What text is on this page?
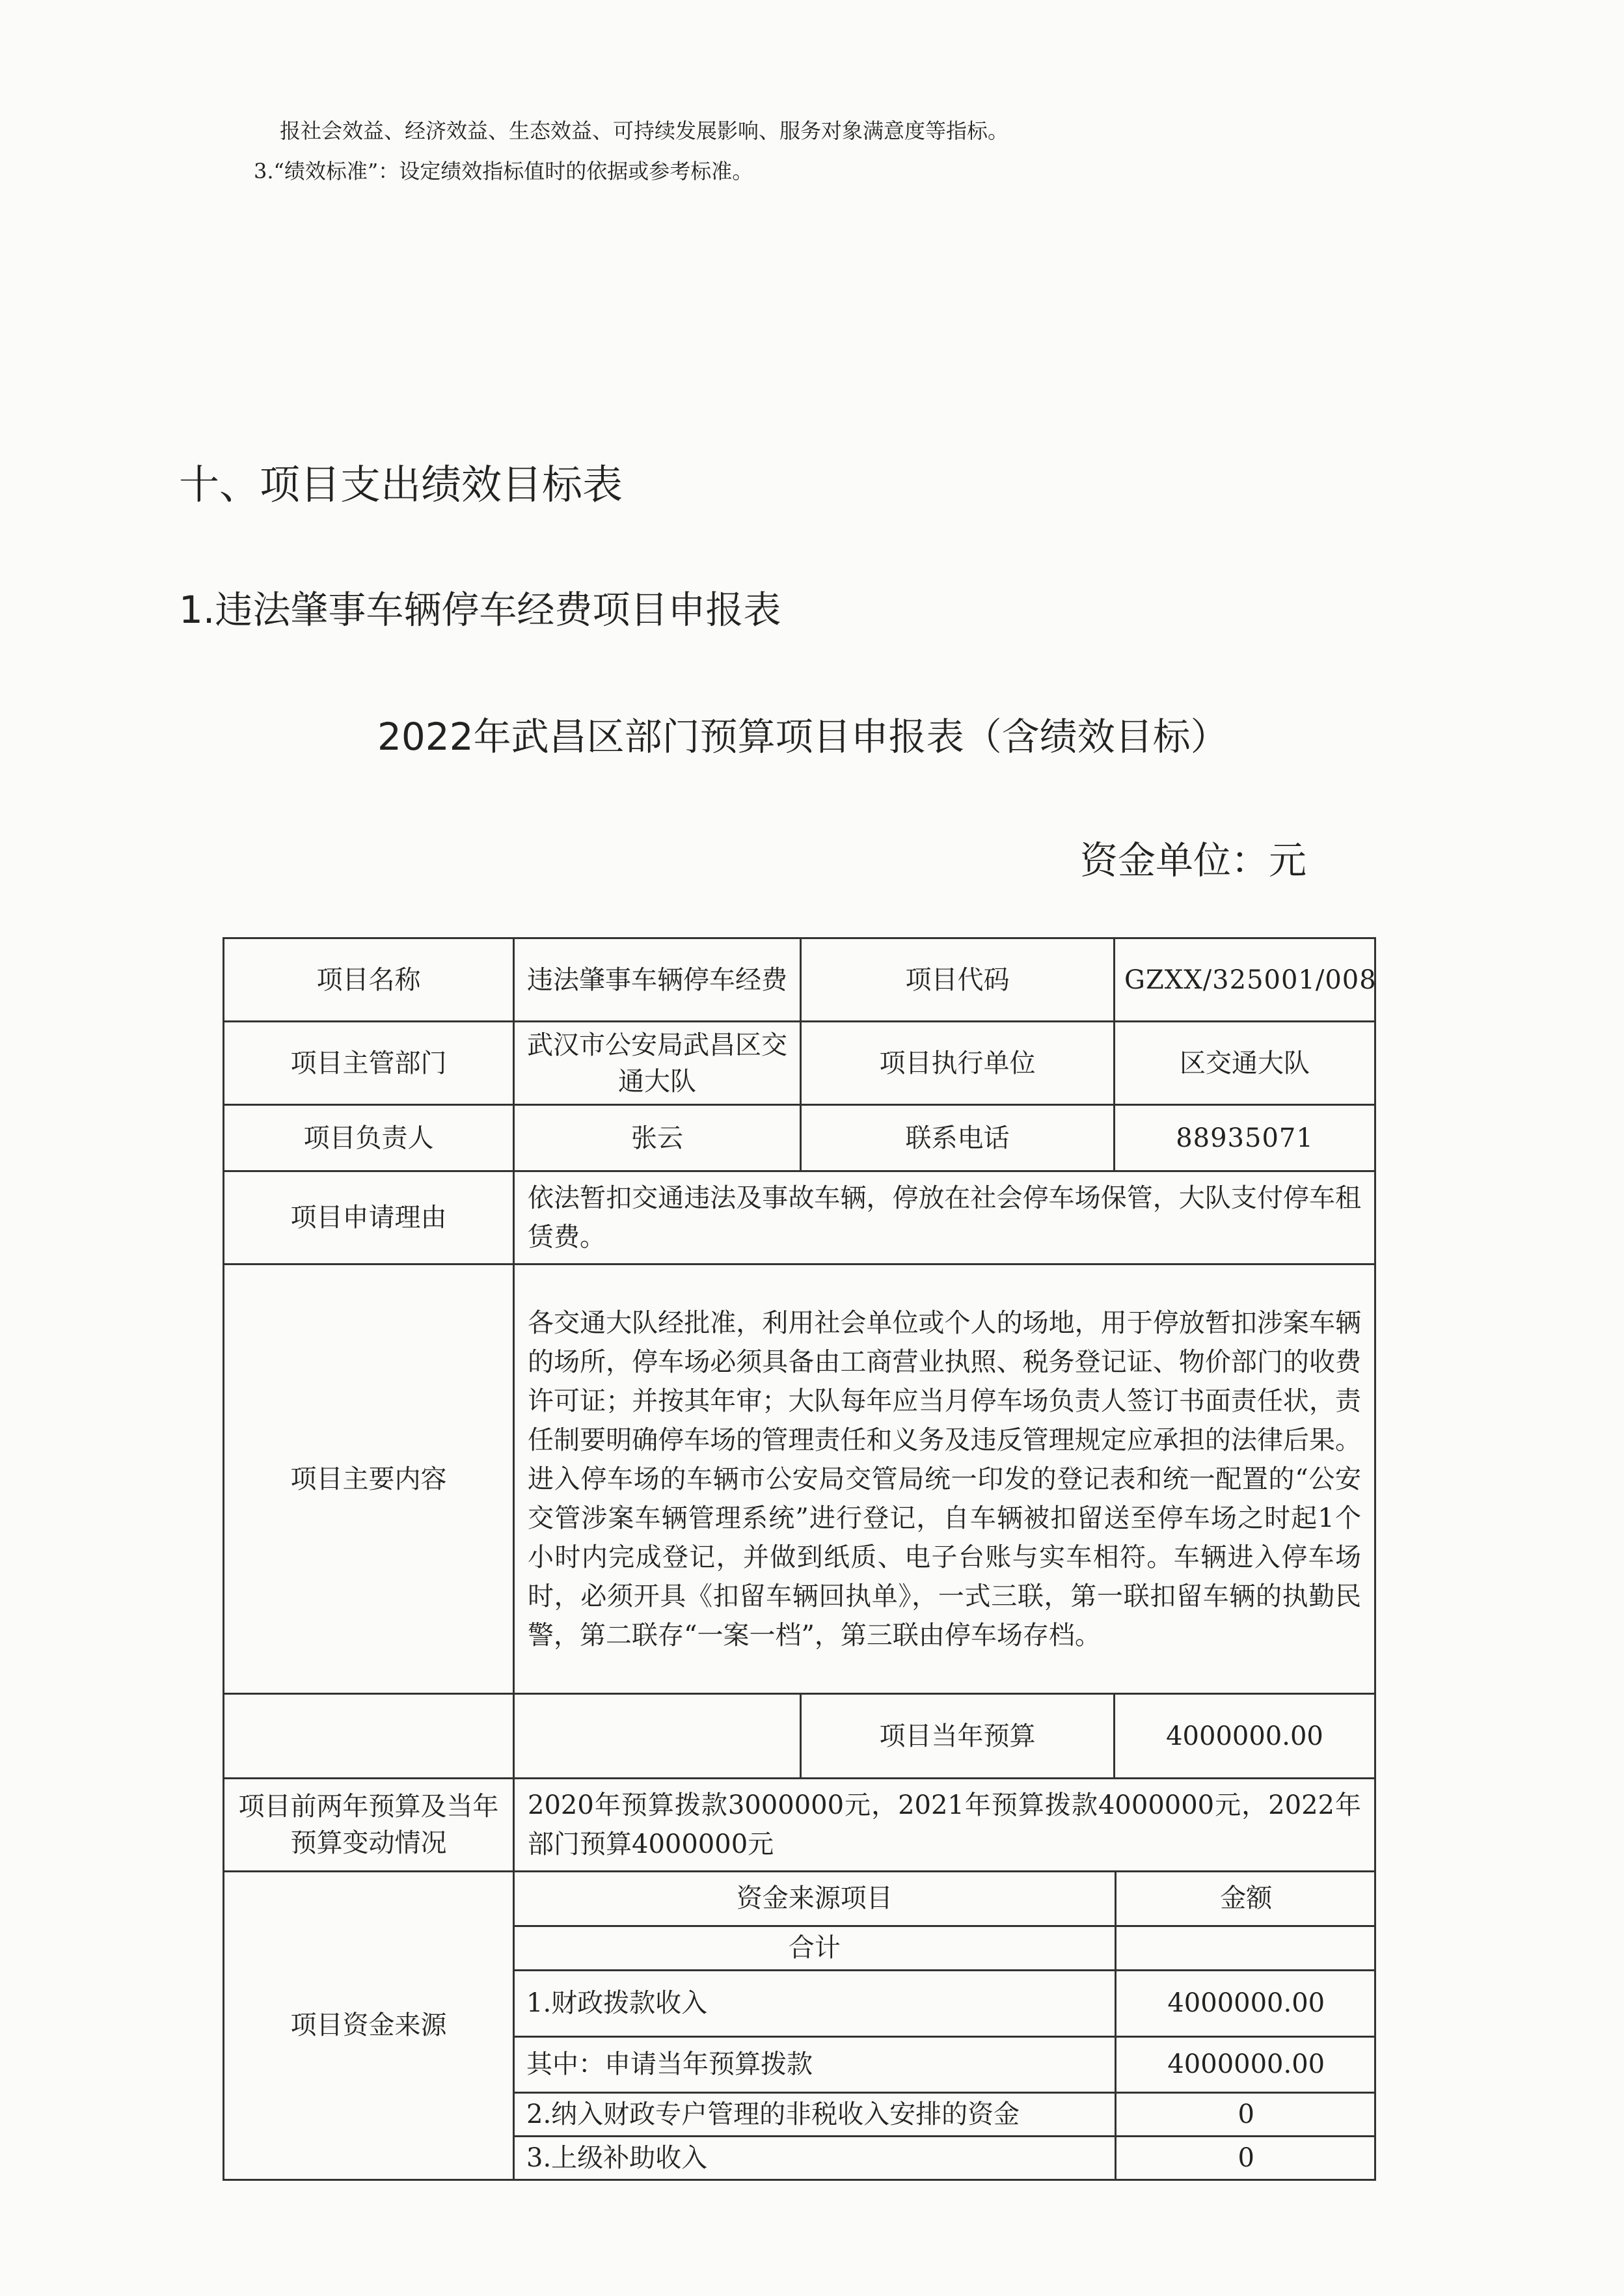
报社会效益、经济效益、生态效益、可持续发展影响、服务对象满意度等指标。
3.“绩效标准”：设定绩效指标值时的依据或参考标准。
十、项目支出绩效目标表
1.违法肇事车辆停车经费项目申报表
2022年武昌区部门预算项目申报表（含绩效目标）
资金单位：元
项目名称	违法肇事车辆停车经费	项目代码	GZXX/325001/008
项目主管部门	武汉市公安局武昌区交通大队	项目执行单位	区交通大队
项目负责人	张云	联系电话	88935071
项目申请理由	依法暂扣交通违法及事故车辆，停放在社会停车场保管，大队支付停车租赁费。
项目主要内容	各交通大队经批准，利用社会单位或个人的场地，用于停放暂扣涉案车辆的场所，停车场必须具备由工商营业执照、税务登记证、物价部门的收费许可证；并按其年审；大队每年应当月停车场负责人签订书面责任状，责任制要明确停车场的管理责任和义务及违反管理规定应承担的法律后果。进入停车场的车辆市公安局交管局统一印发的登记表和统一配置的“公安交管涉案车辆管理系统”进行登记，自车辆被扣留送至停车场之时起1个小时内完成登记，并做到纸质、电子台账与实车相符。车辆进入停车场时，必须开具《扣留车辆回执单》，一式三联，第一联扣留车辆的执勤民警，第二联存“一案一档”，第三联由停车场存档。
		项目当年预算	4000000.00
项目前两年预算及当年预算变动情况	2020年预算拨款3000000元，2021年预算拨款4000000元，2022年部门预算4000000元
项目资金来源	
资金来源项目	金额
合计	
1.财政拨款收入	4000000.00
其中：申请当年预算拨款	4000000.00
2.纳入财政专户管理的非税收入安排的资金	0
3.上级补助收入	0
